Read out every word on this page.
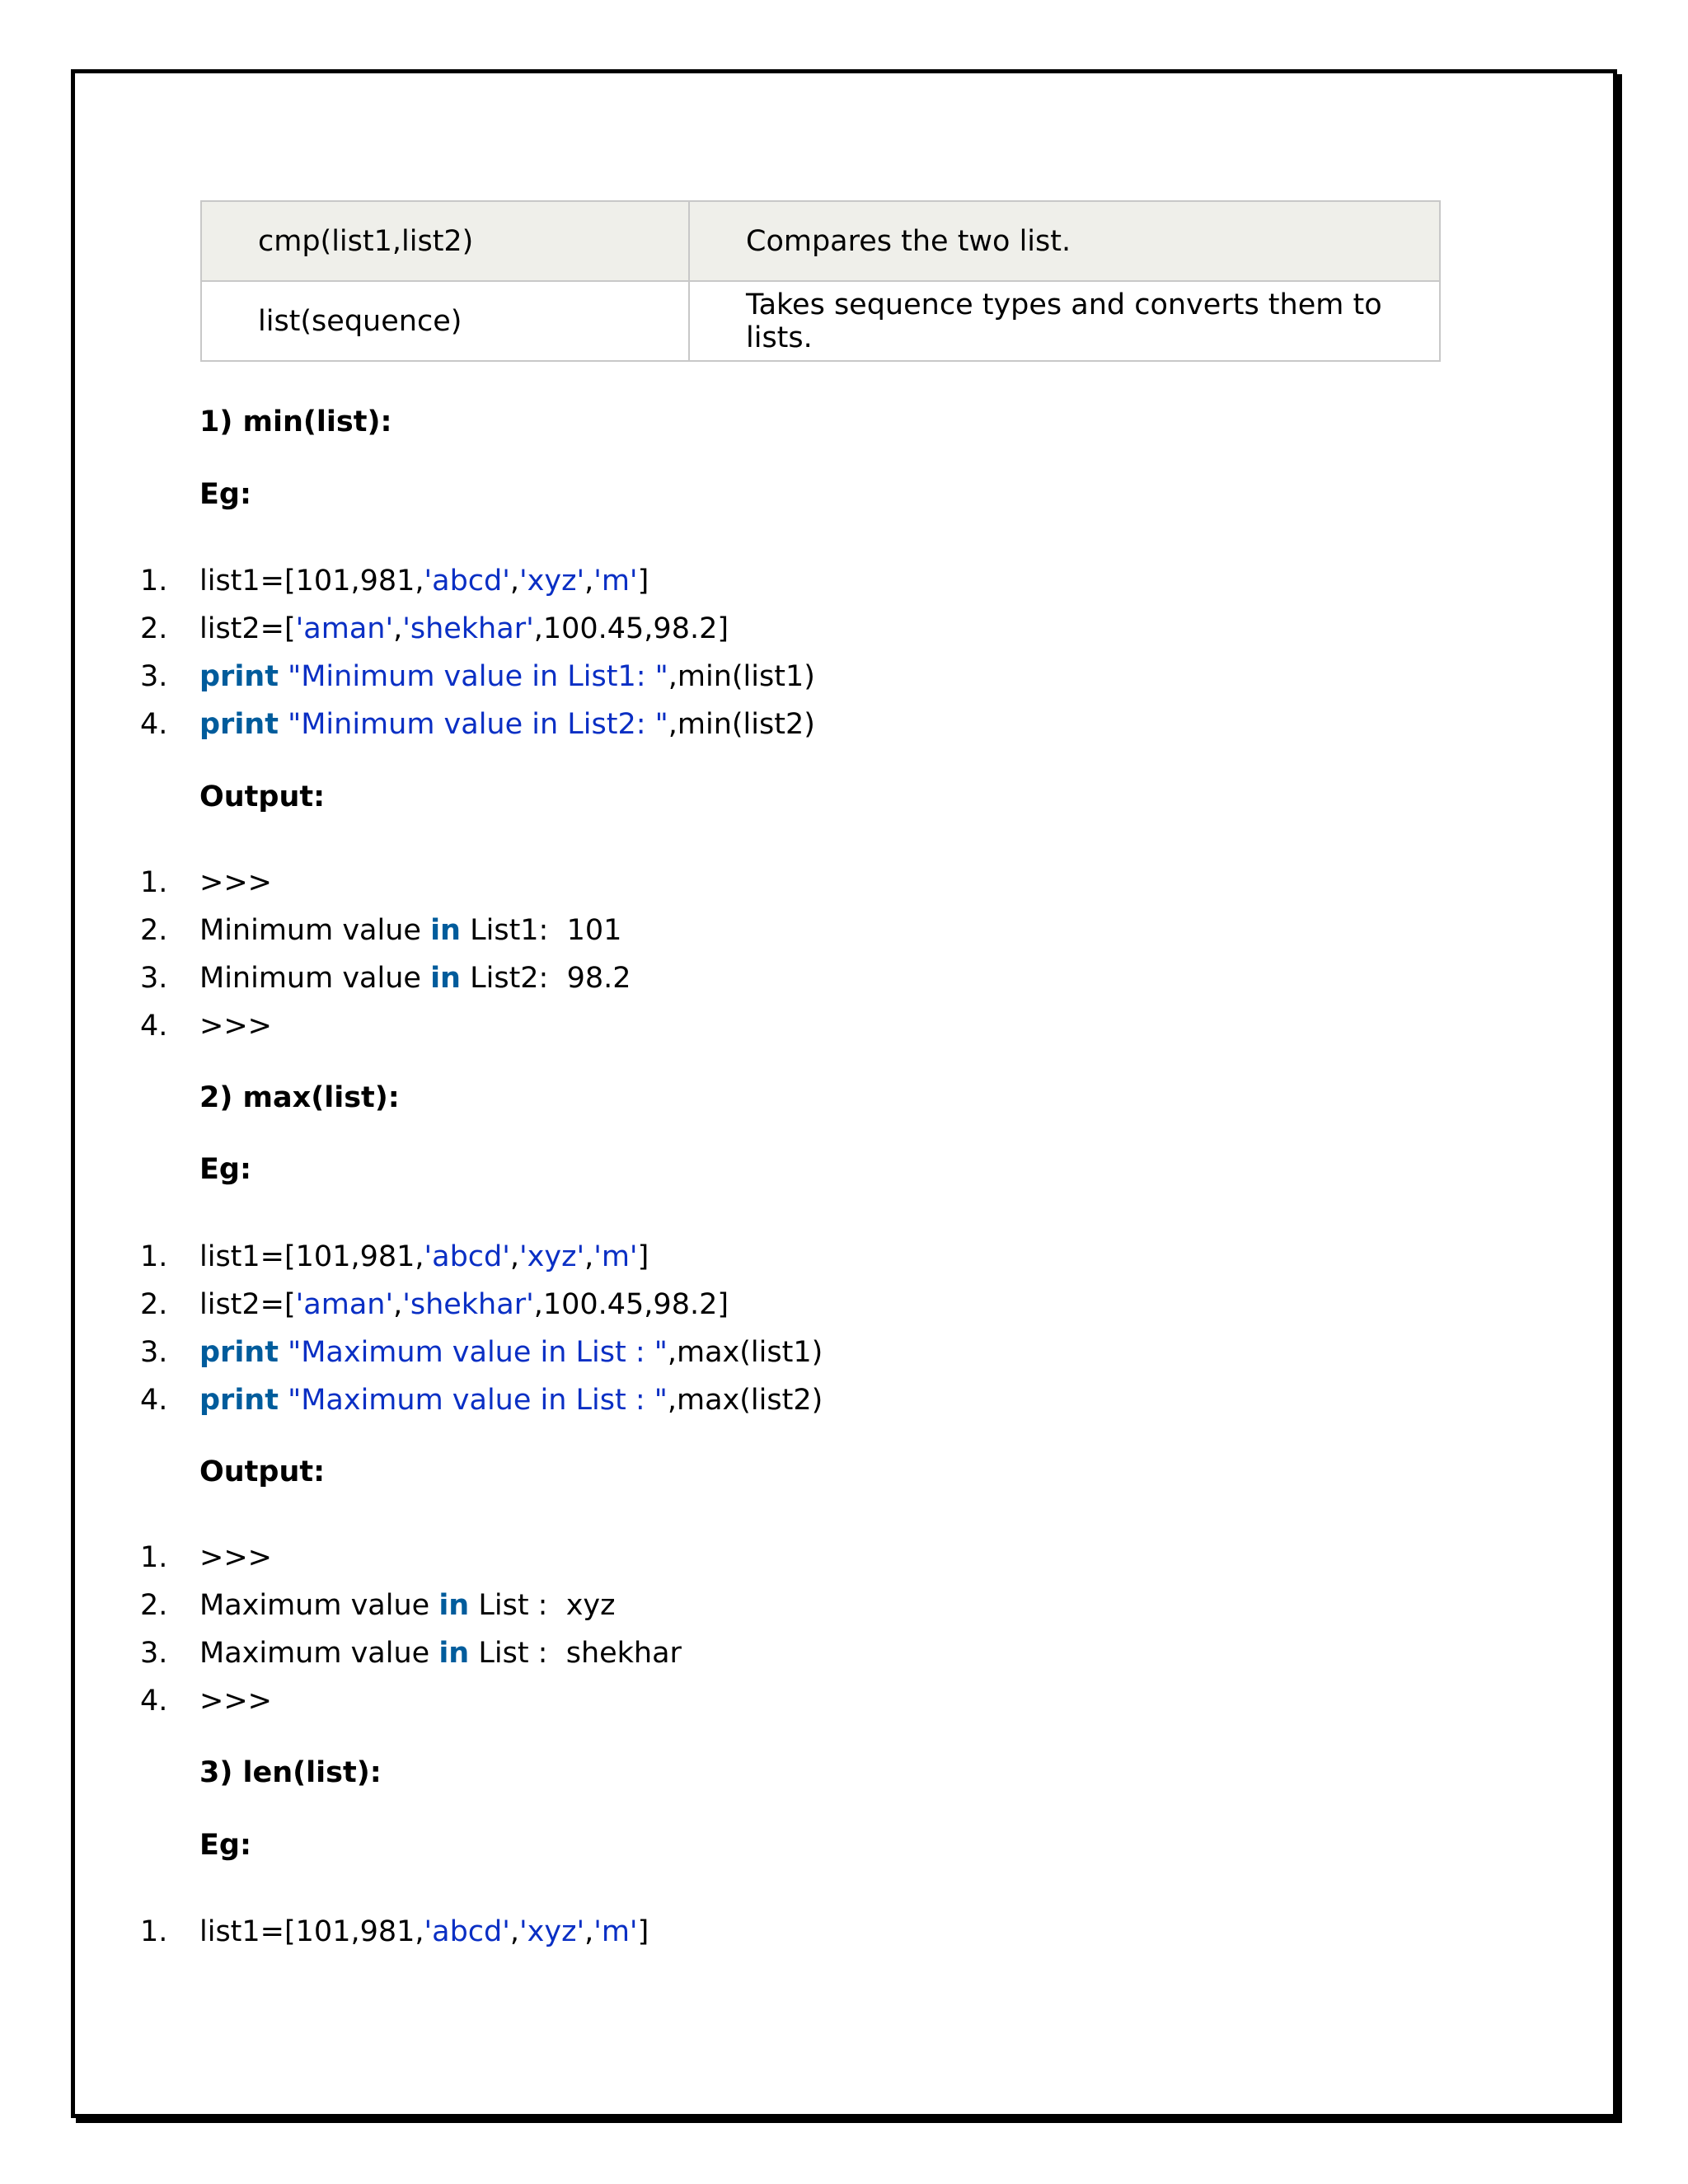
cmp(list1,list2)	Compares the two list.
list(sequence)	Takes sequence types and converts them to lists.
1) min(list):
Eg:
1. list1=[101,981,'abcd','xyz','m']
2. list2=['aman','shekhar',100.45,98.2]
3. print "Minimum value in List1: ",min(list1)
4. print "Minimum value in List2: ",min(list2)
Output:
1. >>>
2. Minimum value in List1:  101
3. Minimum value in List2:  98.2
4. >>>
2) max(list):
Eg:
1. list1=[101,981,'abcd','xyz','m']
2. list2=['aman','shekhar',100.45,98.2]
3. print "Maximum value in List : ",max(list1)
4. print "Maximum value in List : ",max(list2)
Output:
1. >>>
2. Maximum value in List :  xyz
3. Maximum value in List :  shekhar
4. >>>
3) len(list):
Eg:
1. list1=[101,981,'abcd','xyz','m']
